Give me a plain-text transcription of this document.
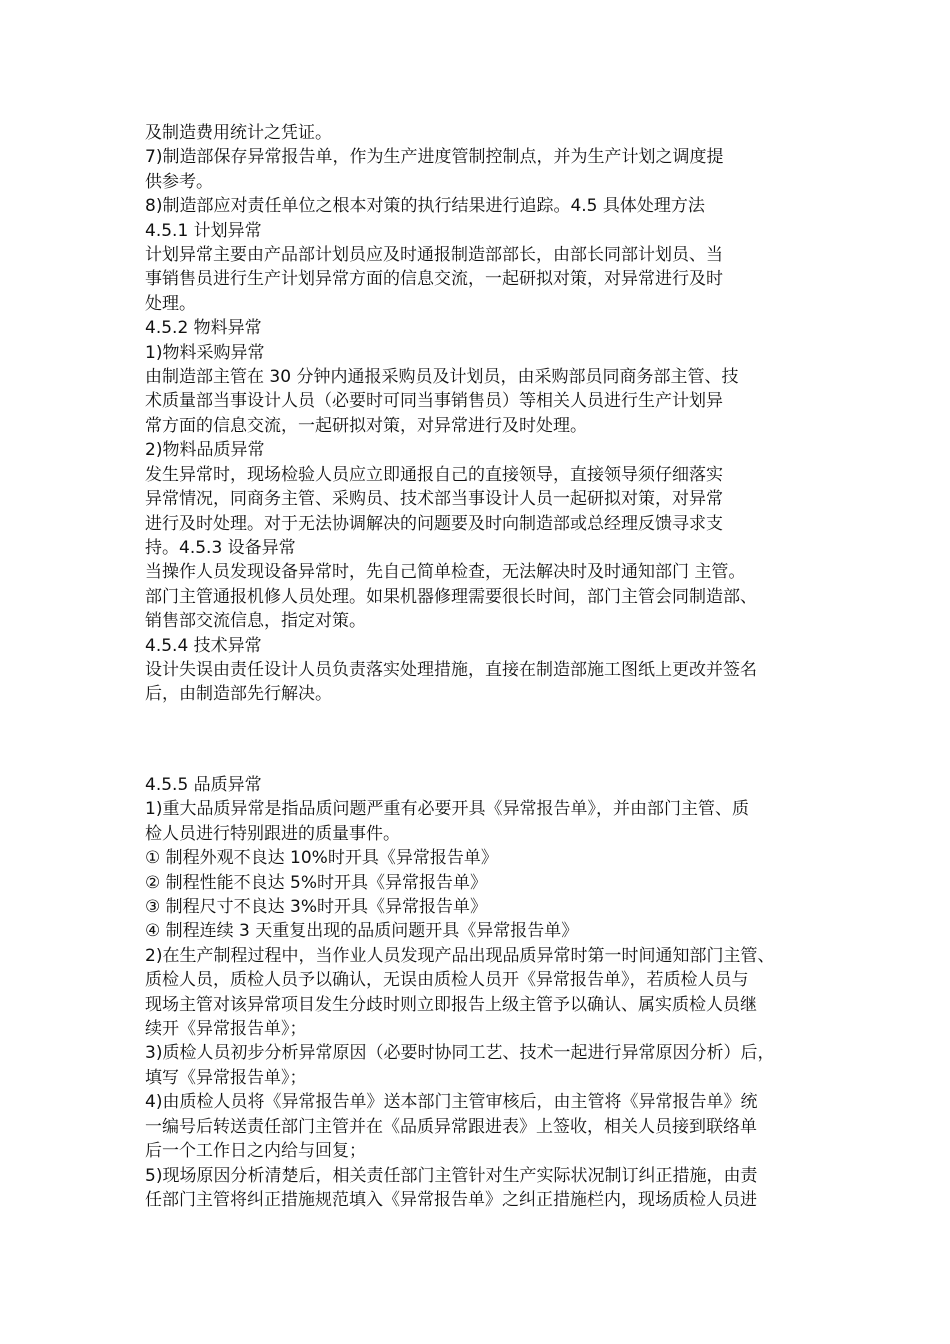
及制造费用统计之凭证。

7)制造部保存异常报告单，作为生产进度管制控制点，并为生产计划之调度提

供参考。

8)制造部应对责任单位之根本对策的执行结果进行追踪。4.5 具体处理方法

4.5.1 计划异常

计划异常主要由产品部计划员应及时通报制造部部长，由部长同部计划员、当

事销售员进行生产计划异常方面的信息交流，一起研拟对策，对异常进行及时

处理。

4.5.2 物料异常

1)物料采购异常

由制造部主管在 30 分钟内通报采购员及计划员，由采购部员同商务部主管、技

术质量部当事设计人员（必要时可同当事销售员）等相关人员进行生产计划异

常方面的信息交流，一起研拟对策，对异常进行及时处理。

2)物料品质异常

发生异常时，现场检验人员应立即通报自己的直接领导，直接领导须仔细落实

异常情况，同商务主管、采购员、技术部当事设计人员一起研拟对策，对异常

进行及时处理。对于无法协调解决的问题要及时向制造部或总经理反馈寻求支

持。4.5.3 设备异常

当操作人员发现设备异常时，先自己简单检查，无法解决时及时通知部门 主管。

部门主管通报机修人员处理。如果机器修理需要很长时间，部门主管会同制造部、

销售部交流信息，指定对策。

4.5.4 技术异常

设计失误由责任设计人员负责落实处理措施，直接在制造部施工图纸上更改并签名

后，由制造部先行解决。

4.5.5 品质异常

1)重大品质异常是指品质问题严重有必要开具《异常报告单》，并由部门主管、质

检人员进行特别跟进的质量事件。

① 制程外观不良达 10%时开具《异常报告单》

② 制程性能不良达 5%时开具《异常报告单》

③ 制程尺寸不良达 3%时开具《异常报告单》

④ 制程连续 3 天重复出现的品质问题开具《异常报告单》

2)在生产制程过程中，当作业人员发现产品出现品质异常时第一时间通知部门主管、

质检人员，质检人员予以确认，无误由质检人员开《异常报告单》，若质检人员与

现场主管对该异常项目发生分歧时则立即报告上级主管予以确认、属实质检人员继

续开《异常报告单》；

3)质检人员初步分析异常原因（必要时协同工艺、技术一起进行异常原因分析）后，

填写《异常报告单》；

4)由质检人员将《异常报告单》送本部门主管审核后，由主管将《异常报告单》统

一编号后转送责任部门主管并在《品质异常跟进表》上签收，相关人员接到联络单

后一个工作日之内给与回复；

5)现场原因分析清楚后，相关责任部门主管针对生产实际状况制订纠正措施，由责

任部门主管将纠正措施规范填入《异常报告单》之纠正措施栏内，现场质检人员进
